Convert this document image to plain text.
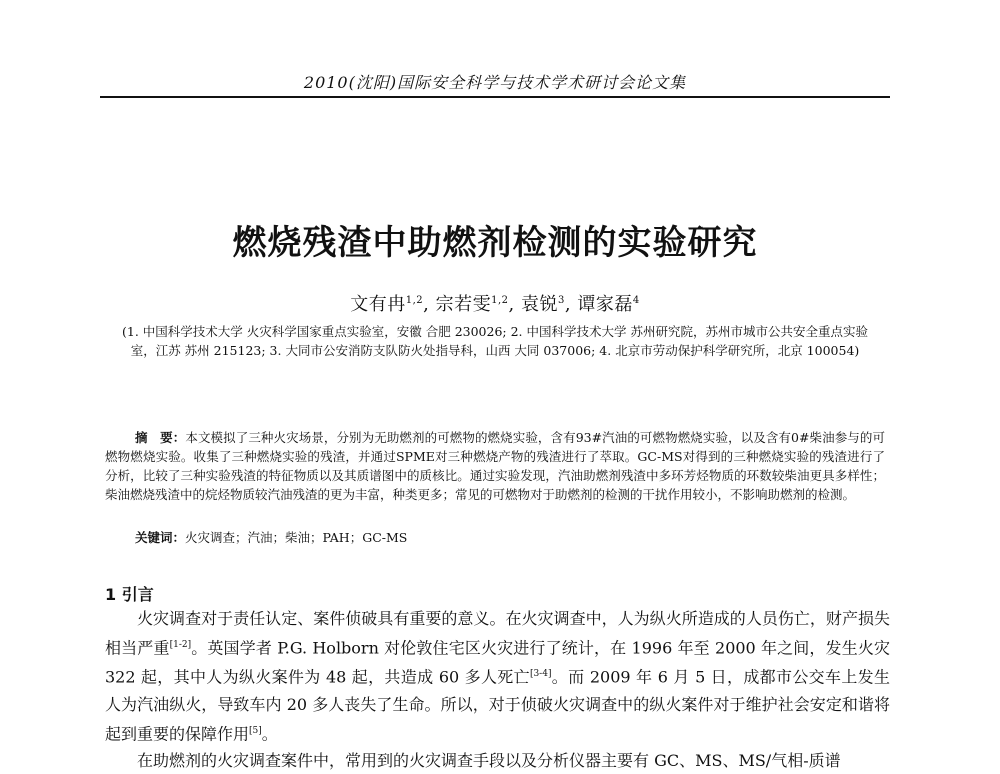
2010(沈阳)国际安全科学与技术学术研讨会论文集
燃烧残渣中助燃剂检测的实验研究
文有冉$^{1,2}$, 宗若雯$^{1,2}$, 袁锐$^3$, 谭家磊$^4$
(1. 中国科学技术大学 火灾科学国家重点实验室，安徽 合肥 230026; 2. 中国科学技术大学 苏州研究院，苏州市城市公共安全重点实验室，江苏 苏州 215123; 3. 大同市公安消防支队防火处指导科，山西 大同 037006; 4. 北京市劳动保护科学研究所，北京 100054)
摘　要：本文模拟了三种火灾场景，分别为无助燃剂的可燃物的燃烧实验，含有93#汽油的可燃物燃烧实验，以及含有0#柴油参与的可燃物燃烧实验。收集了三种燃烧实验的残渣，并通过SPME对三种燃烧产物的残渣进行了萃取。GC-MS对得到的三种燃烧实验的残渣进行了分析，比较了三种实验残渣的特征物质以及其质谱图中的质核比。通过实验发现，汽油助燃剂残渣中多环芳烃物质的环数较柴油更具多样性；柴油燃烧残渣中的烷烃物质较汽油残渣的更为丰富，种类更多；常见的可燃物对于助燃剂的检测的干扰作用较小，不影响助燃剂的检测。
关键词：火灾调查；汽油；柴油；PAH；GC-MS
1 引言

火灾调查对于责任认定、案件侦破具有重要的意义。在火灾调查中，人为纵火所造成的人员伤亡，财产损失相当严重[1-2]。英国学者 P.G. Holborn 对伦敦住宅区火灾进行了统计，在 1996 年至 2000 年之间，发生火灾 322 起，其中人为纵火案件为 48 起，共造成 60 多人死亡[3-4]。而 2009 年 6 月 5 日，成都市公交车上发生人为汽油纵火，导致车内 20 多人丧失了生命。所以，对于侦破火灾调查中的纵火案件对于维护社会安定和谐将起到重要的保障作用[5]。

在助燃剂的火灾调查案件中，常用到的火灾调查手段以及分析仪器主要有 GC、MS、MS/气相-质谱
